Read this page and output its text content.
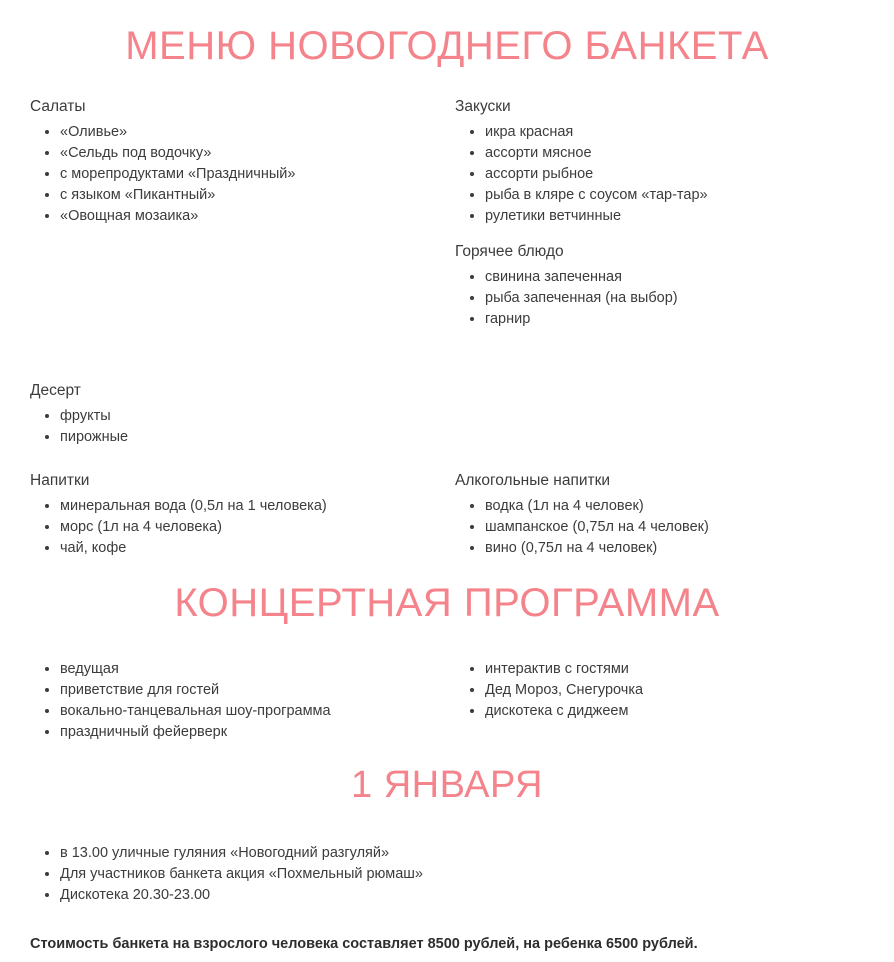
МЕНЮ НОВОГОДНЕГО БАНКЕТА
Салаты
• «Оливье»
• «Сельдь под водочку»
• с морепродуктами «Праздничный»
• с языком «Пикантный»
• «Овощная мозаика»
Закуски
• икра красная
• ассорти мясное
• ассорти рыбное
• рыба в кляре с соусом «тар-тар»
• рулетики ветчинные
Горячее блюдо
• свинина запеченная
• рыба запеченная (на выбор)
• гарнир
Десерт
• фрукты
• пирожные
Напитки
• минеральная вода (0,5л на 1 человека)
• морс (1л на 4 человека)
• чай, кофе
Алкогольные напитки
• водка (1л на 4 человек)
• шампанское (0,75л на 4 человек)
• вино (0,75л на 4 человек)
КОНЦЕРТНАЯ ПРОГРАММА
• ведущая
• приветствие для гостей
• вокально-танцевальная шоу-программа
• праздничный фейерверк
• интерактив с гостями
• Дед Мороз, Снегурочка
• дискотека с диджеем
1 ЯНВАРЯ
• в 13.00 уличные гуляния «Новогодний разгуляй»
• Для участников банкета акция «Похмельный рюмаш»
• Дискотека 20.30-23.00
Стоимость банкета на взрослого человека составляет 8500 рублей, на ребенка 6500 рублей.
